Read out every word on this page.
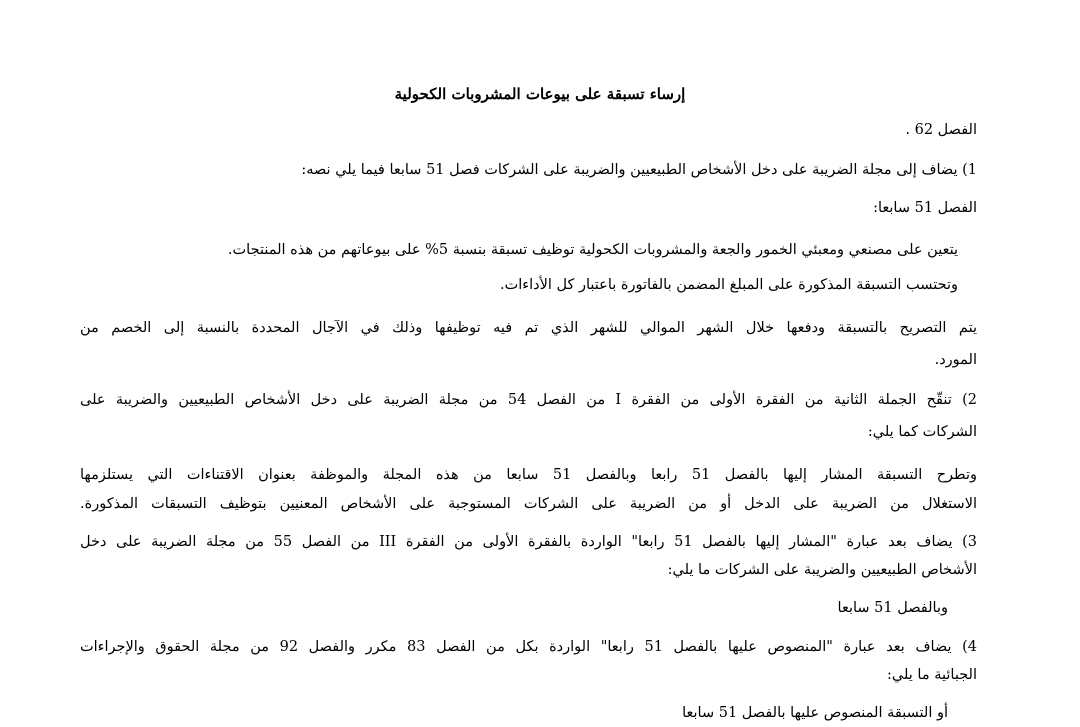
إرساء تسبقة على بيوعات المشروبات الكحولية
الفصل 62 .
1) يضاف إلى مجلة الضريبة على دخل الأشخاص الطبيعيين والضريبة على الشركات فصل 51 سابعا فيما يلي نصه:
الفصل 51 سابعا:
يتعين على مصنعي ومعبئي الخمور والجعة والمشروبات الكحولية توظيف تسبقة بنسبة 5% على بيوعاتهم من هذه المنتجات.
وتحتسب التسبقة المذكورة على المبلغ المضمن بالفاتورة باعتبار كل الأداءات.
يتم التصريح بالتسبقة ودفعها خلال الشهر الموالي للشهر الذي تم فيه توظيفها وذلك في الآجال المحددة بالنسبة إلى الخصم من
المورد.
2) تنقّح الجملة الثانية من الفقرة الأولى من الفقرة I من الفصل 54 من مجلة الضريبة على دخل الأشخاص الطبيعيين والضريبة على
الشركات كما يلي:
وتطرح التسبقة المشار إليها بالفصل 51 رابعا وبالفصل 51 سابعا من هذه المجلة والموظفة بعنوان الاقتناءات التي يستلزمها
الاستغلال من الضريبة على الدخل أو من الضريبة على الشركات المستوجبة على الأشخاص المعنيين بتوظيف التسبقات المذكورة.
3) يضاف بعد عبارة "المشار إليها بالفصل 51 رابعا" الواردة بالفقرة الأولى من الفقرة III من الفصل 55 من مجلة الضريبة على دخل
الأشخاص الطبيعيين والضريبة على الشركات ما يلي:
وبالفصل 51 سابعا
4) يضاف بعد عبارة "المنصوص عليها بالفصل 51 رابعا" الواردة بكل من الفصل 83 مكرر والفصل 92 من مجلة الحقوق والإجراءات
الجبائية ما يلي:
أو التسبقة المنصوص عليها بالفصل 51 سابعا
